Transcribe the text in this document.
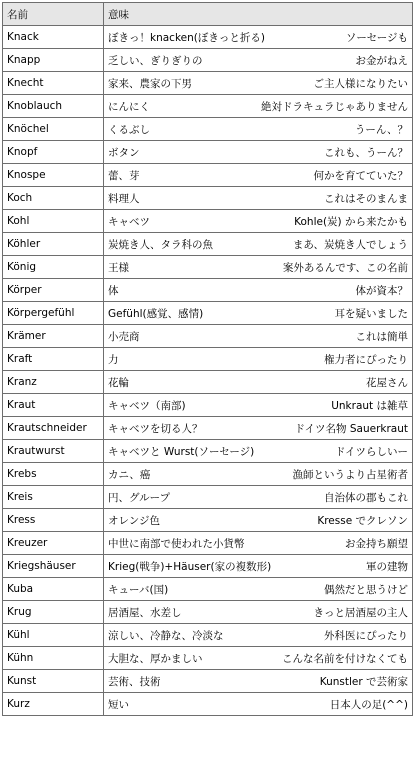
名前	意味
Knack	ぼきっ！knacken(ぼきっと折る) ソーセージも

Knapp	乏しい、ぎりぎりの お金がねえ

Knecht	家来、農家の下男 ご主人様になりたい

Knoblauch	にんにく 絶対ドラキュラじゃありません

Knöchel	くるぶし うーん、？

Knopf	ボタン これも、うーん？

Knospe	蕾、芽 何かを育てていた？

Koch	料理人 これはそのまんま

Kohl	キャベツ Kohle(炭) から来たかも

Köhler	炭焼き人、タラ科の魚 まあ、炭焼き人でしょう

König	王様 案外あるんです、この名前

Körper	体 体が資本？

Körpergefühl	Gefühl(感覚、感情) 耳を疑いました

Krämer	小売商 これは簡単

Kraft	力 権力者にぴったり

Kranz	花輪 花屋さん

Kraut	キャベツ（南部) Unkraut は雑草

Krautschneider	キャベツを切る人？ ドイツ名物 Sauerkraut

Krautwurst	キャベツと Wurst(ソーセージ) ドイツらしいー

Krebs	カニ、癌 漁師というより占星術者

Kreis	円、グループ 自治体の郡もこれ

Kress	オレンジ色 Kresse でクレソン

Kreuzer	中世に南部で使われた小貨幣 お金持ち願望

Kriegshäuser	Krieg(戦争)+Häuser(家の複数形) 軍の建物

Kuba	キューバ(国) 偶然だと思うけど

Krug	居酒屋、水差し きっと居酒屋の主人

Kühl	涼しい、冷静な、冷淡な 外科医にぴったり

Kühn	大胆な、厚かましい こんな名前を付けなくても

Kunst	芸術、技術 Kunstler で芸術家

Kurz	短い 日本人の足(^^)
